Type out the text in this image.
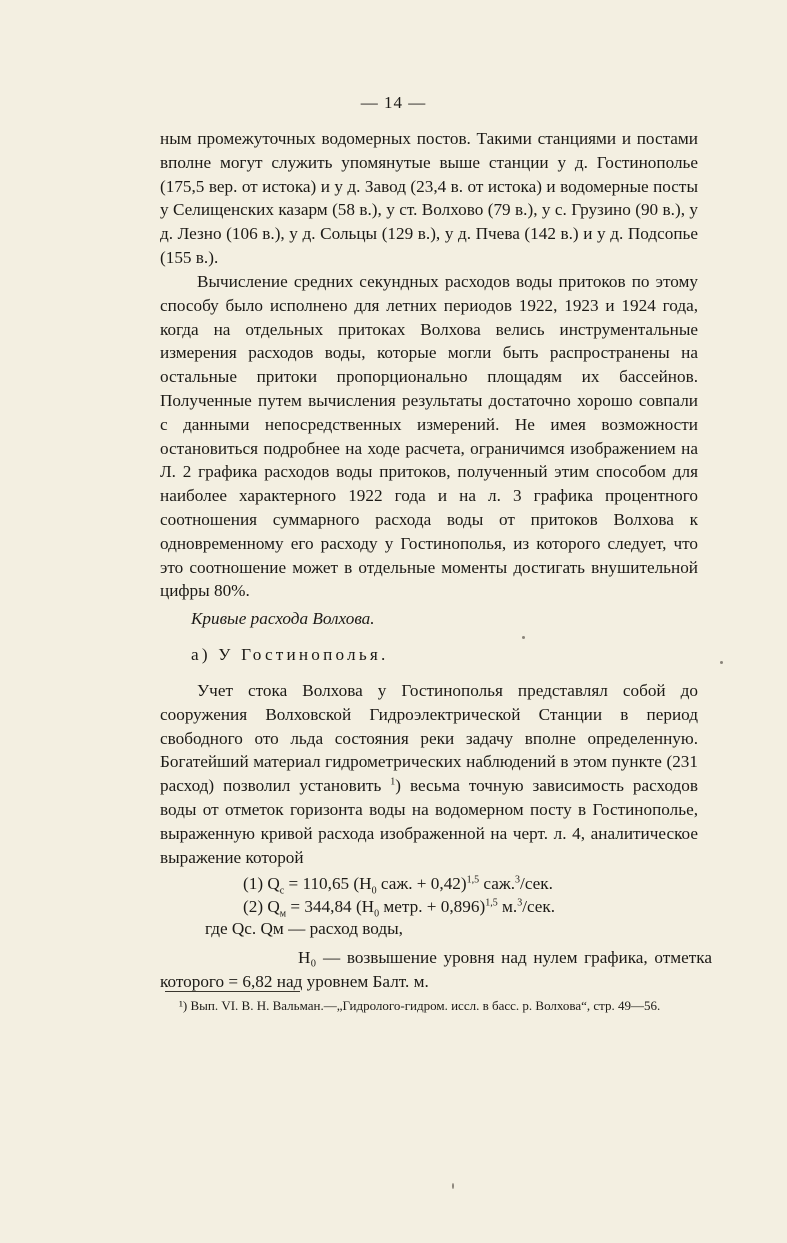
— 14 —
ным промежуточных водомерных постов. Такими станциями и постами вполне могут служить упомянутые выше станции у д. Гостинополье (175,5 вер. от истока) и у д. Завод (23,4 в. от истока) и водомерные посты у Селищенских казарм (58 в.), у ст. Волхово (79 в.), у с. Грузино (90 в.), у д. Лезно (106 в.), у д. Сольцы (129 в.), у д. Пчева (142 в.) и у д. Подсопье (155 в.).
Вычисление средних секундных расходов воды притоков по этому способу было исполнено для летних периодов 1922, 1923 и 1924 года, когда на отдельных притоках Волхова велись инструментальные измерения расходов воды, которые могли быть распространены на остальные притоки пропорционально площадям их бассейнов. Полученные путем вычисления результаты достаточно хорошо совпали с данными непосредственных измерений. Не имея возможности остановиться подробнее на ходе расчета, ограничимся изображением на Л. 2 графика расходов воды притоков, полученный этим способом для наиболее характерного 1922 года и на л. 3 графика процентного соотношения суммарного расхода воды от притоков Волхова к одновременному его расходу у Гостинополья, из которого следует, что это соотношение может в отдельные моменты достигать внушительной цифры 80%.
Кривые расхода Волхова.
а) У Гостинополья.
Учет стока Волхова у Гостинополья представлял собой до сооружения Волховской Гидроэлектрической Станции в период свободного ото льда состояния реки задачу вполне определенную. Богатейший материал гидрометрических наблюдений в этом пункте (231 расход) позволил установить $^1$) весьма точную зависимость расходов воды от отметок горизонта воды на водомерном посту в Гостинополье, выраженную кривой расхода изображенной на черт. л. 4, аналитическое выражение которой
(1) $Q_с = 110,65$ ($H_0$ саж. + 0,42)$^{1,5}$ саж.$^3$/сек.
(2) $Q_м = 344,84$ ($H_0$ метр. + 0,896)$^{1,5}$ м.$^3$/сек.
где Qс. Qм — расход воды,
H₀ — возвышение уровня над нулем графика, отметка которого = 6,82 над уровнем Балт. м.
¹) Вып. VI. В. Н. Вальман.—„Гидролого-гидром. иссл. в басс. р. Волхова“, стр. 49—56.
